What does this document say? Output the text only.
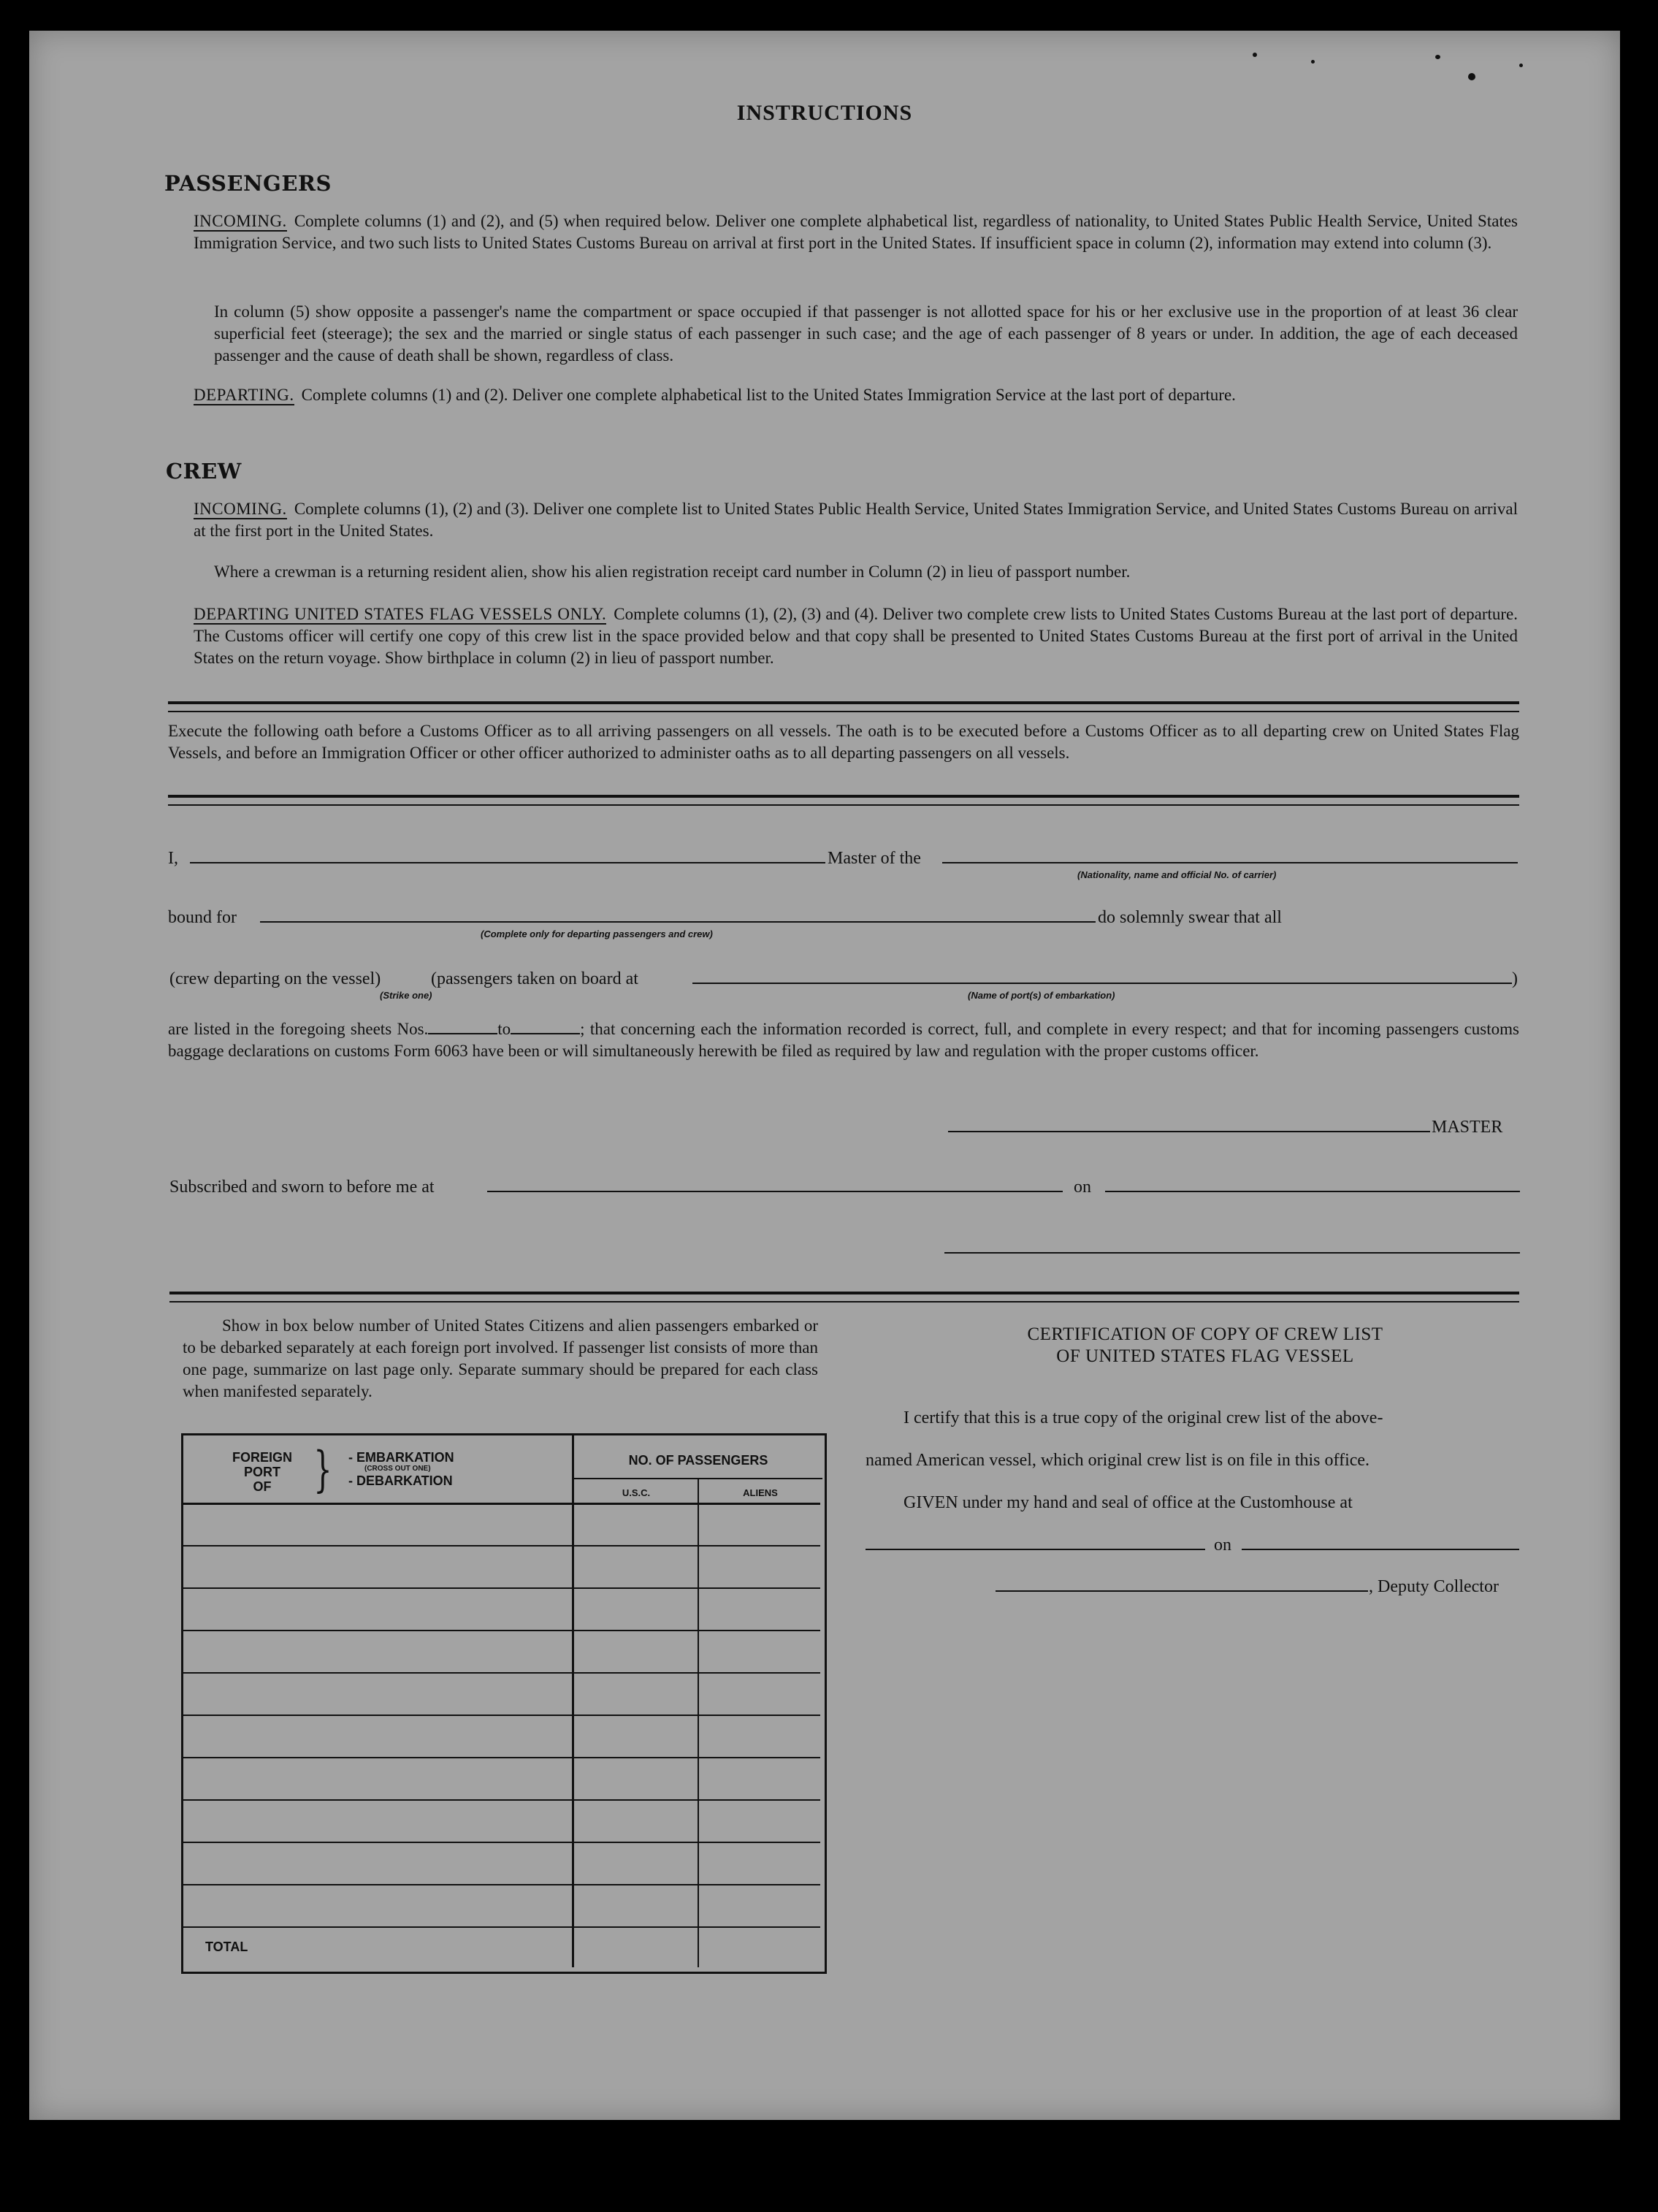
INSTRUCTIONS
PASSENGERS
INCOMING. Complete columns (1) and (2), and (5) when required below. Deliver one complete alphabetical list, regardless of nationality, to United States Public Health Service, United States Immigration Service, and two such lists to United States Customs Bureau on arrival at first port in the United States. If insufficient space in column (2), information may extend into column (3).
In column (5) show opposite a passenger's name the compartment or space occupied if that passenger is not allotted space for his or her exclusive use in the proportion of at least 36 clear superficial feet (steerage); the sex and the married or single status of each passenger in such case; and the age of each passenger of 8 years or under. In addition, the age of each deceased passenger and the cause of death shall be shown, regardless of class.
DEPARTING. Complete columns (1) and (2). Deliver one complete alphabetical list to the United States Immigration Service at the last port of departure.
CREW
INCOMING. Complete columns (1), (2) and (3). Deliver one complete list to United States Public Health Service, United States Immigration Service, and United States Customs Bureau on arrival at the first port in the United States.
Where a crewman is a returning resident alien, show his alien registration receipt card number in Column (2) in lieu of passport number.
DEPARTING UNITED STATES FLAG VESSELS ONLY. Complete columns (1), (2), (3) and (4). Deliver two complete crew lists to United States Customs Bureau at the last port of departure. The Customs officer will certify one copy of this crew list in the space provided below and that copy shall be presented to United States Customs Bureau at the first port of arrival in the United States on the return voyage. Show birthplace in column (2) in lieu of passport number.
Execute the following oath before a Customs Officer as to all arriving passengers on all vessels. The oath is to be executed before a Customs Officer as to all departing crew on United States Flag Vessels, and before an Immigration Officer or other officer authorized to administer oaths as to all departing passengers on all vessels.
I,	Master of the
(Nationality, name and official No. of carrier)
bound for
(Complete only for departing passengers and crew)
do solemnly swear that all
(crew departing on the vessel)
(Strike one)
(passengers taken on board at	)
(Name of port(s) of embarkation)
are listed in the foregoing sheets Nos.	to	; that concerning each the information recorded is correct, full, and complete in every respect; and that for incoming passengers customs baggage declarations on customs Form 6063 have been or will simultaneously herewith be filed as required by law and regulation with the proper customs officer.
MASTER
Subscribed and sworn to before me at	on
Show in box below number of United States Citizens and alien passengers embarked or to be debarked separately at each foreign port involved. If passenger list consists of more than one page, summarize on last page only. Separate summary should be prepared for each class when manifested separately.
FOREIGN
PORT
OF } - EMBARKATION
(CROSS OUT ONE)
- DEBARKATION
NO. OF PASSENGERS
U.S.C.	ALIENS
TOTAL
CERTIFICATION OF COPY OF CREW LIST
OF UNITED STATES FLAG VESSEL
I certify that this is a true copy of the original crew list of the above-
named American vessel, which original crew list is on file in this office.
GIVEN under my hand and seal of office at the Customhouse at
on
, Deputy Collector
